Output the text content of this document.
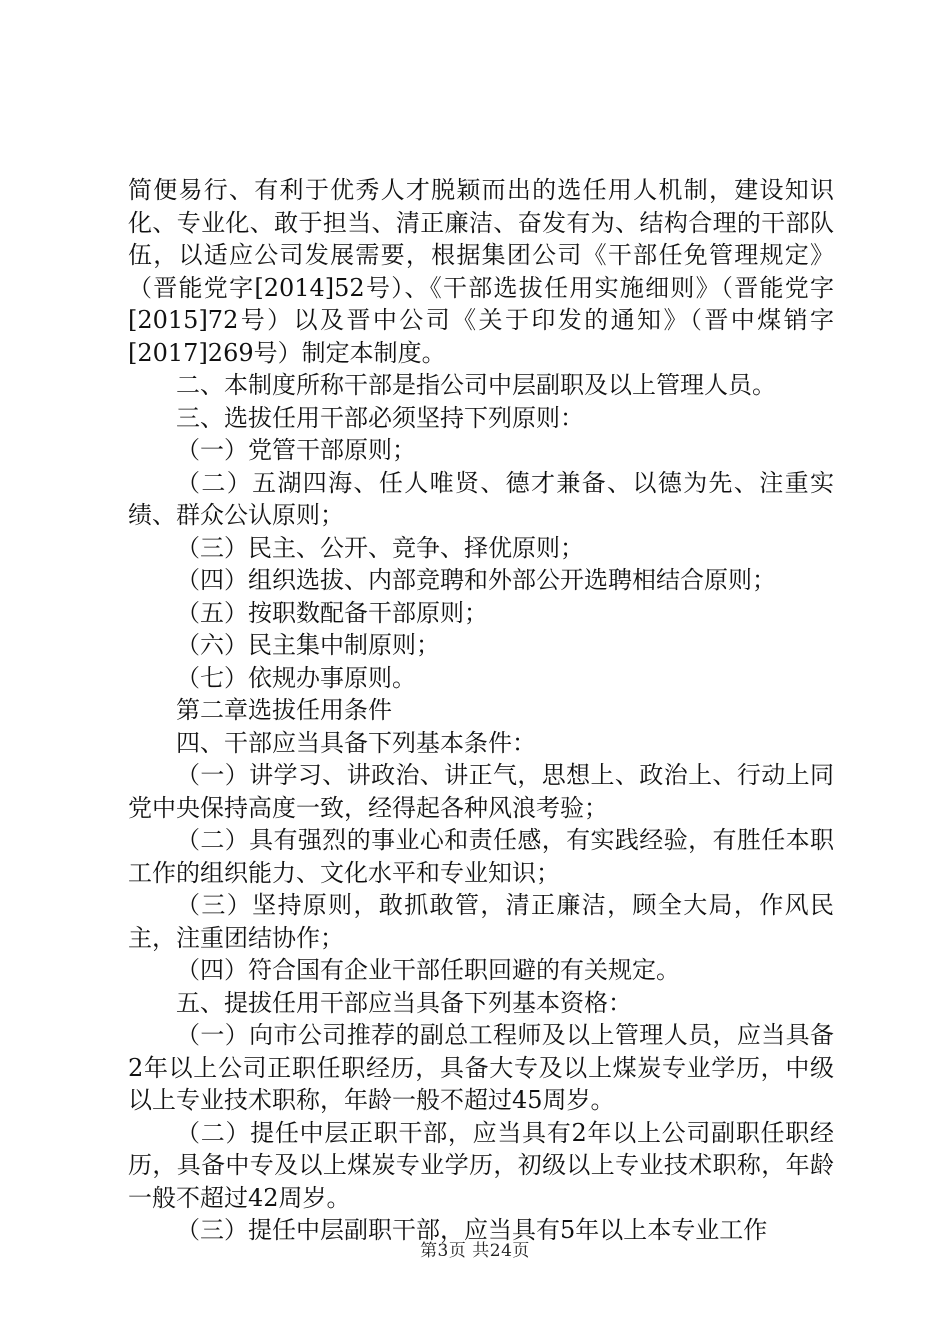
简便易行、有利于优秀人才脱颖而出的选任用人机制，建设知识化、专业化、敢于担当、清正廉洁、奋发有为、结构合理的干部队伍，以适应公司发展需要，根据集团公司《干部任免管理规定》（晋能党字[2014]52号）、《干部选拔任用实施细则》（晋能党字[2015]72号）以及晋中公司《关于印发的通知》（晋中煤销字[2017]269号）制定本制度。

二、本制度所称干部是指公司中层副职及以上管理人员。

三、选拔任用干部必须坚持下列原则：

（一）党管干部原则；

（二）五湖四海、任人唯贤、德才兼备、以德为先、注重实绩、群众公认原则；

（三）民主、公开、竞争、择优原则；

（四）组织选拔、内部竞聘和外部公开选聘相结合原则；

（五）按职数配备干部原则；

（六）民主集中制原则；

（七）依规办事原则。

第二章选拔任用条件

四、干部应当具备下列基本条件：

（一）讲学习、讲政治、讲正气，思想上、政治上、行动上同党中央保持高度一致，经得起各种风浪考验；

（二）具有强烈的事业心和责任感，有实践经验，有胜任本职工作的组织能力、文化水平和专业知识；

（三）坚持原则，敢抓敢管，清正廉洁，顾全大局，作风民主，注重团结协作；

（四）符合国有企业干部任职回避的有关规定。

五、提拔任用干部应当具备下列基本资格：

（一）向市公司推荐的副总工程师及以上管理人员，应当具备2年以上公司正职任职经历，具备大专及以上煤炭专业学历，中级以上专业技术职称，年龄一般不超过45周岁。

（二）提任中层正职干部，应当具有2年以上公司副职任职经历，具备中专及以上煤炭专业学历，初级以上专业技术职称，年龄一般不超过42周岁。

（三）提任中层副职干部，应当具有5年以上本专业工作

第3页 共24页
